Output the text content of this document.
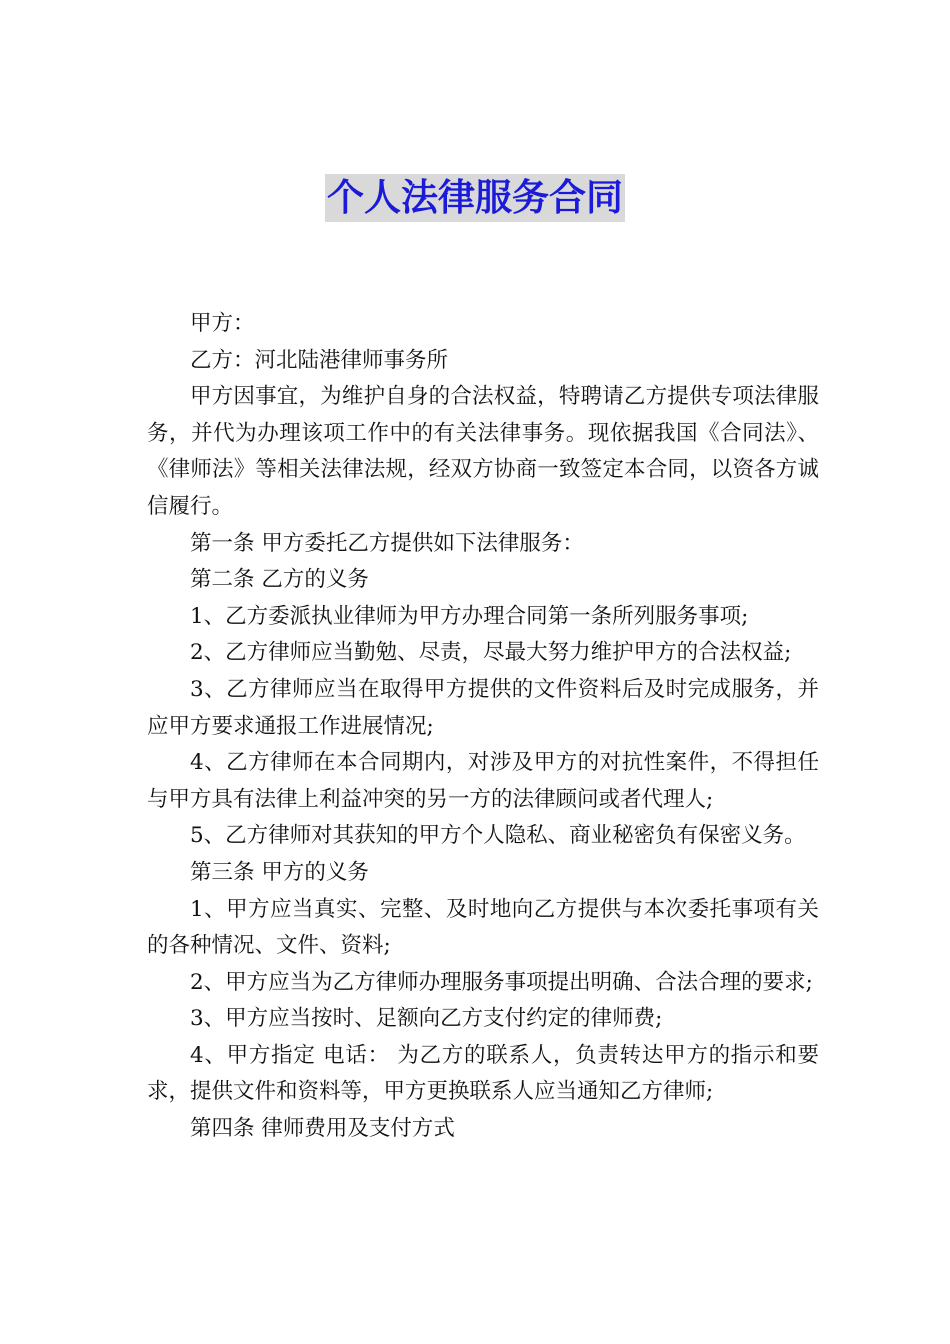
个人法律服务合同

甲方：

乙方：河北陆港律师事务所

甲方因事宜，为维护自身的合法权益，特聘请乙方提供专项法律服务，并代为办理该项工作中的有关法律事务。现依据我国《合同法》、《律师法》等相关法律法规，经双方协商一致签定本合同，以资各方诚信履行。

第一条 甲方委托乙方提供如下法律服务：

第二条 乙方的义务

1、乙方委派执业律师为甲方办理合同第一条所列服务事项;

2、乙方律师应当勤勉、尽责，尽最大努力维护甲方的合法权益;

3、乙方律师应当在取得甲方提供的文件资料后及时完成服务，并应甲方要求通报工作进展情况;

4、乙方律师在本合同期内，对涉及甲方的对抗性案件，不得担任与甲方具有法律上利益冲突的另一方的法律顾问或者代理人;

5、乙方律师对其获知的甲方个人隐私、商业秘密负有保密义务。

第三条 甲方的义务

1、甲方应当真实、完整、及时地向乙方提供与本次委托事项有关的各种情况、文件、资料;

2、甲方应当为乙方律师办理服务事项提出明确、合法合理的要求;

3、甲方应当按时、足额向乙方支付约定的律师费;

4、甲方指定 电话： 为乙方的联系人，负责转达甲方的指示和要求，提供文件和资料等，甲方更换联系人应当通知乙方律师;

第四条 律师费用及支付方式
